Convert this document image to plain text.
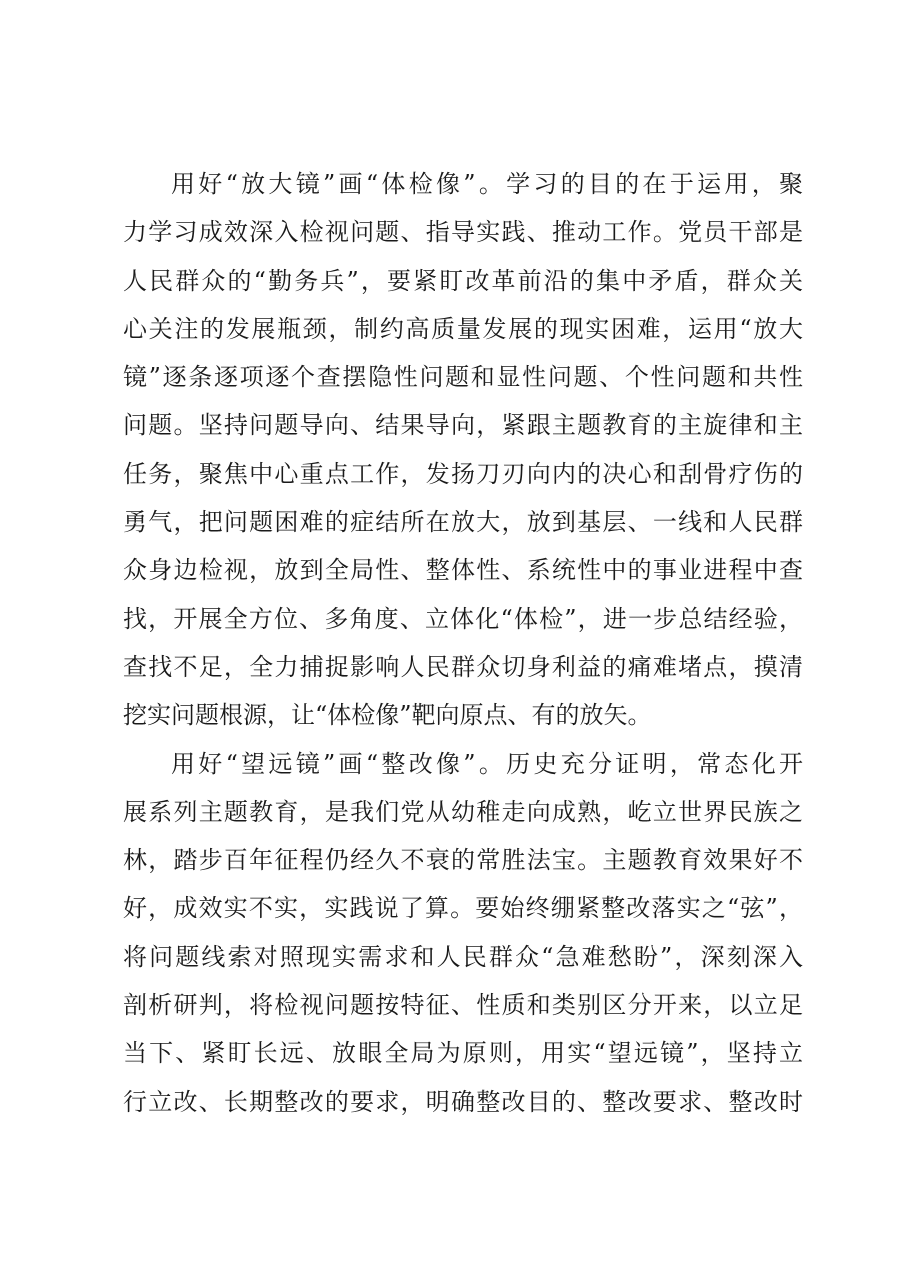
用好“放大镜”画“体检像”。学习的目的在于运用，聚
力学习成效深入检视问题、指导实践、推动工作。党员干部是
人民群众的“勤务兵”，要紧盯改革前沿的集中矛盾，群众关
心关注的发展瓶颈，制约高质量发展的现实困难，运用“放大
镜”逐条逐项逐个查摆隐性问题和显性问题、个性问题和共性
问题。坚持问题导向、结果导向，紧跟主题教育的主旋律和主
任务，聚焦中心重点工作，发扬刀刃向内的决心和刮骨疗伤的
勇气，把问题困难的症结所在放大，放到基层、一线和人民群
众身边检视，放到全局性、整体性、系统性中的事业进程中查
找，开展全方位、多角度、立体化“体检”，进一步总结经验，
查找不足，全力捕捉影响人民群众切身利益的痛难堵点，摸清
挖实问题根源，让“体检像”靶向原点、有的放矢。
用好“望远镜”画“整改像”。历史充分证明，常态化开
展系列主题教育，是我们党从幼稚走向成熟，屹立世界民族之
林，踏步百年征程仍经久不衰的常胜法宝。主题教育效果好不
好，成效实不实，实践说了算。要始终绷紧整改落实之“弦”，
将问题线索对照现实需求和人民群众“急难愁盼”，深刻深入
剖析研判，将检视问题按特征、性质和类别区分开来，以立足
当下、紧盯长远、放眼全局为原则，用实“望远镜”，坚持立
行立改、长期整改的要求，明确整改目的、整改要求、整改时
